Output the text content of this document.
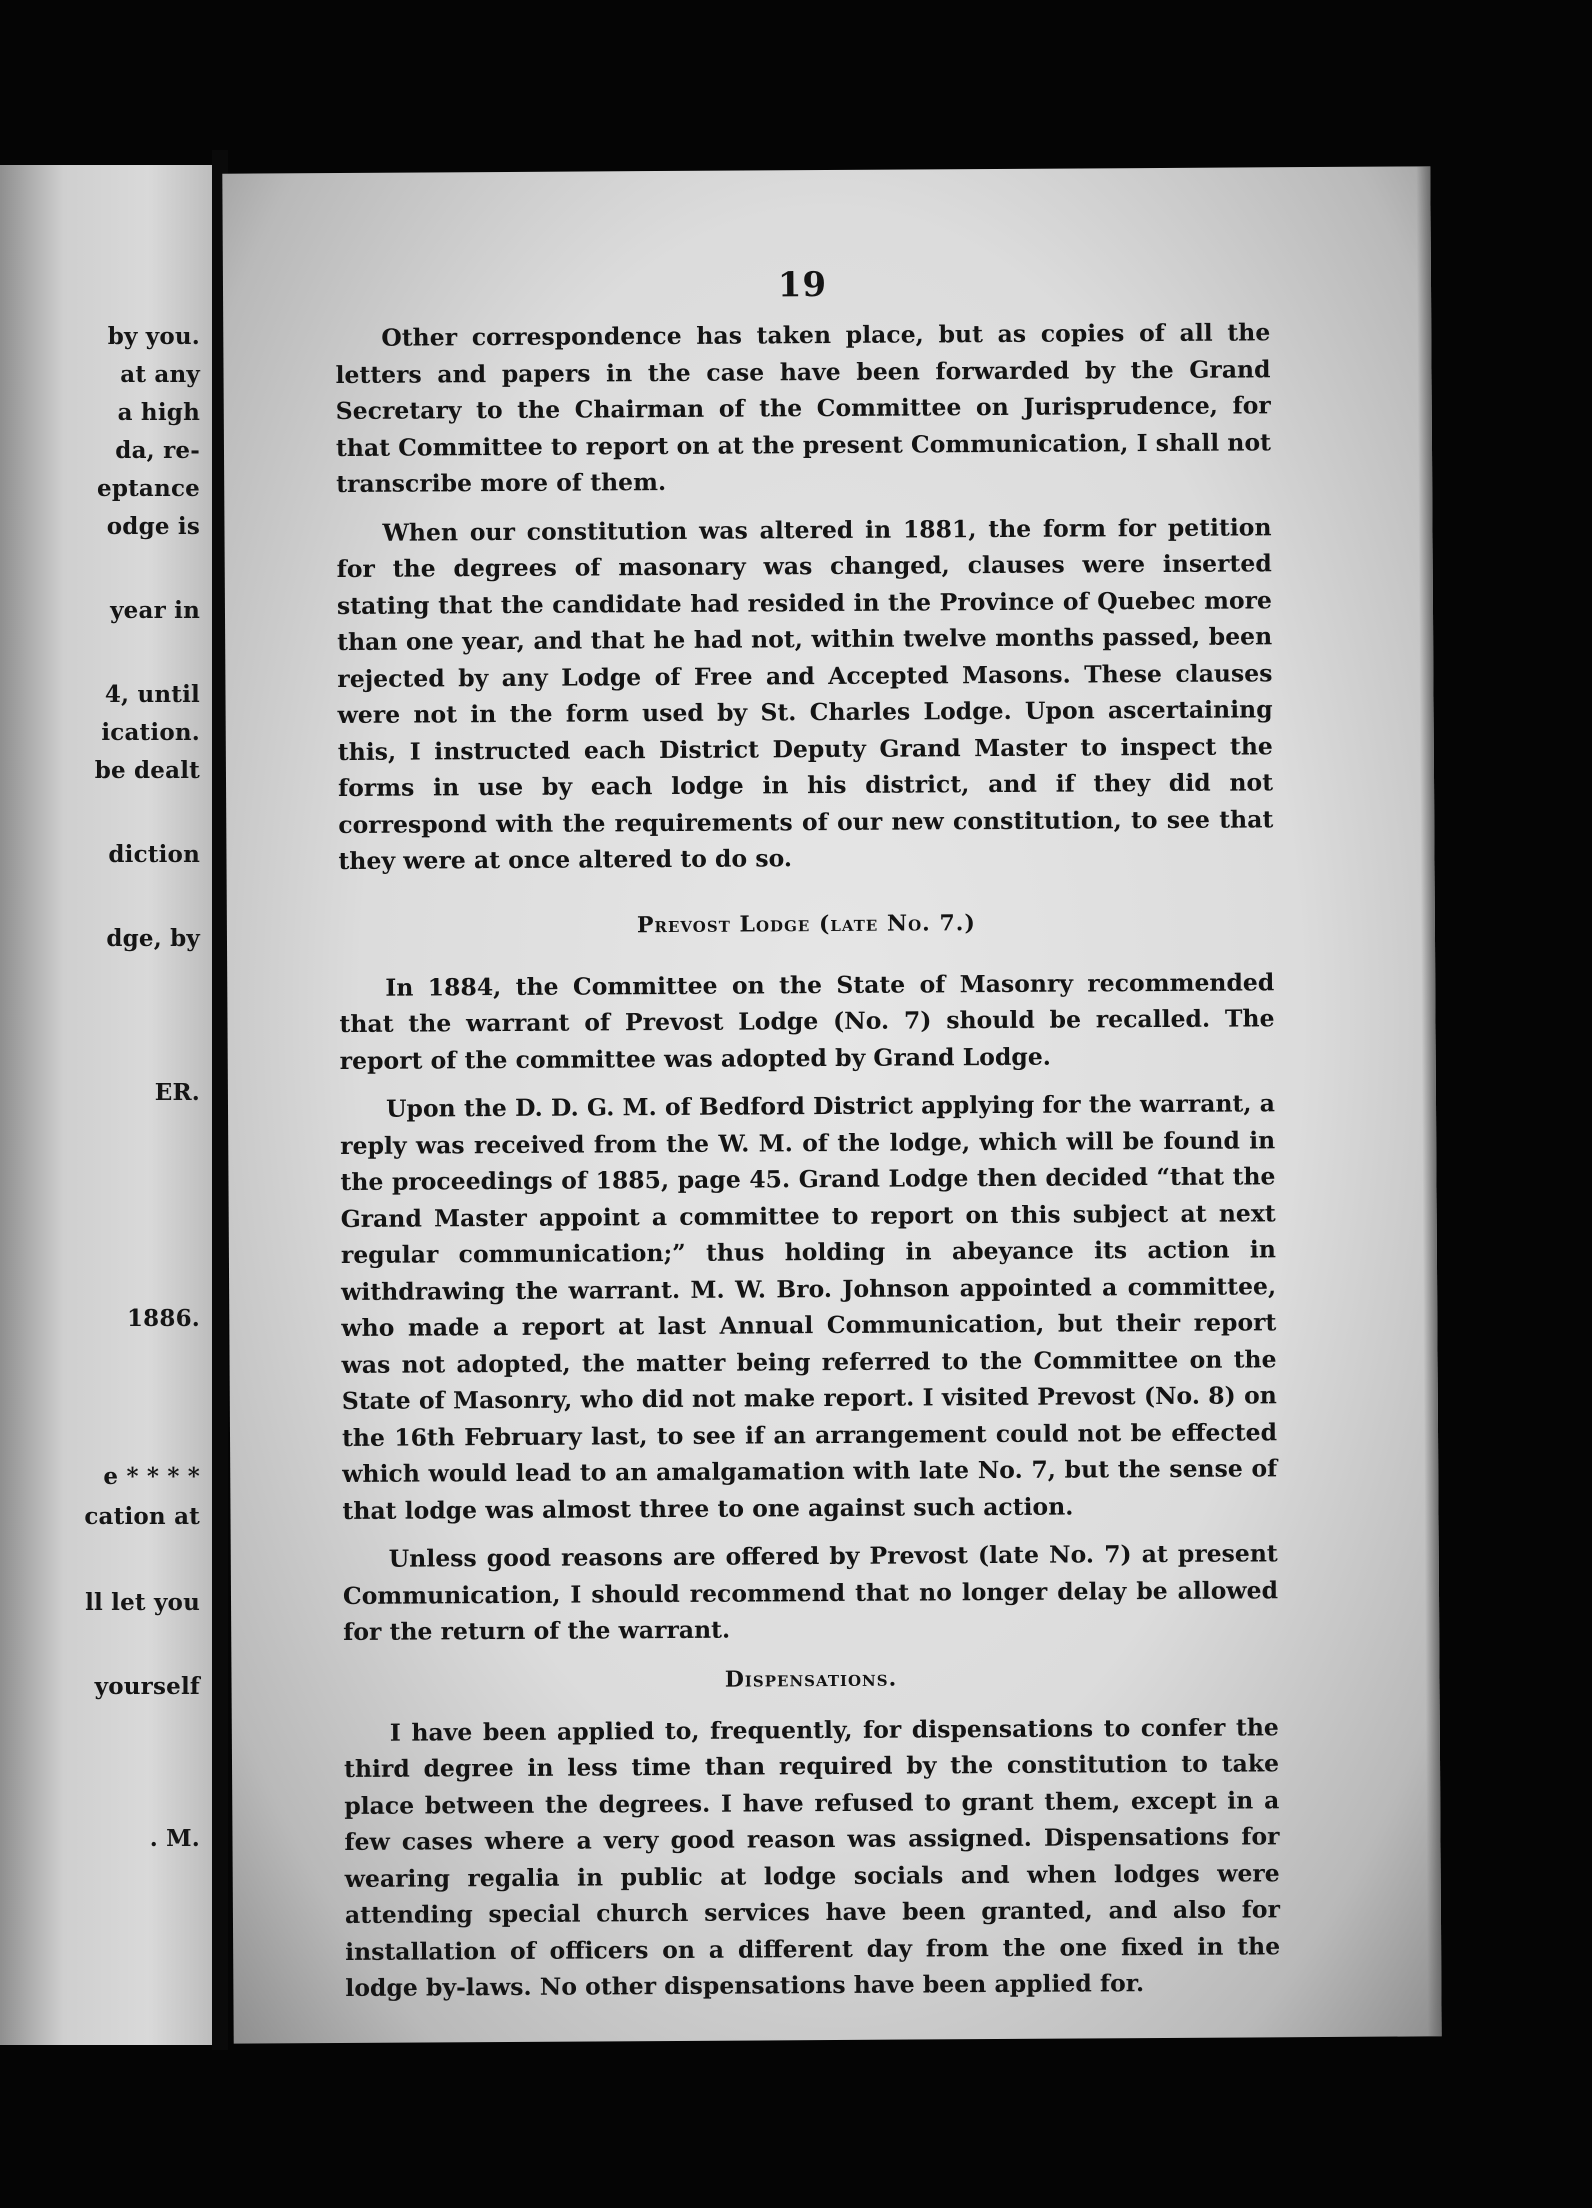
by you.
at any
a high
da, re-
eptance
odge is
year in
4, until
ication.
be dealt
diction
dge, by
ER.
1886.
e * * * *
cation at
ll let you
yourself
. M.
19

Other correspondence has taken place, but as copies of all the letters and papers in the case have been forwarded by the Grand Secretary to the Chairman of the Committee on Jurisprudence, for that Committee to report on at the present Communication, I shall not transcribe more of them.

When our constitution was altered in 1881, the form for petition for the degrees of masonary was changed, clauses were inserted stating that the candidate had resided in the Province of Quebec more than one year, and that he had not, within twelve months passed, been rejected by any Lodge of Free and Accepted Masons. These clauses were not in the form used by St. Charles Lodge. Upon ascertaining this, I instructed each District Deputy Grand Master to inspect the forms in use by each lodge in his district, and if they did not correspond with the requirements of our new constitution, to see that they were at once altered to do so.

Prevost Lodge (late No. 7.)

In 1884, the Committee on the State of Masonry recommended that the warrant of Prevost Lodge (No. 7) should be recalled. The report of the committee was adopted by Grand Lodge.

Upon the D. D. G. M. of Bedford District applying for the warrant, a reply was received from the W. M. of the lodge, which will be found in the proceedings of 1885, page 45. Grand Lodge then decided “that the Grand Master appoint a committee to report on this subject at next regular communication;” thus holding in abeyance its action in withdrawing the warrant. M. W. Bro. Johnson appointed a committee, who made a report at last Annual Communication, but their report was not adopted, the matter being referred to the Committee on the State of Masonry, who did not make report. I visited Prevost (No. 8) on the 16th February last, to see if an arrangement could not be effected which would lead to an amalgamation with late No. 7, but the sense of that lodge was almost three to one against such action.

Unless good reasons are offered by Prevost (late No. 7) at present Communication, I should recommend that no longer delay be allowed for the return of the warrant.

Dispensations.

I have been applied to, frequently, for dispensations to confer the third degree in less time than required by the constitution to take place between the degrees. I have refused to grant them, except in a few cases where a very good reason was assigned. Dispensations for wearing regalia in public at lodge socials and when lodges were attending special church services have been granted, and also for installation of officers on a different day from the one fixed in the lodge by-laws. No other dispensations have been applied for.
